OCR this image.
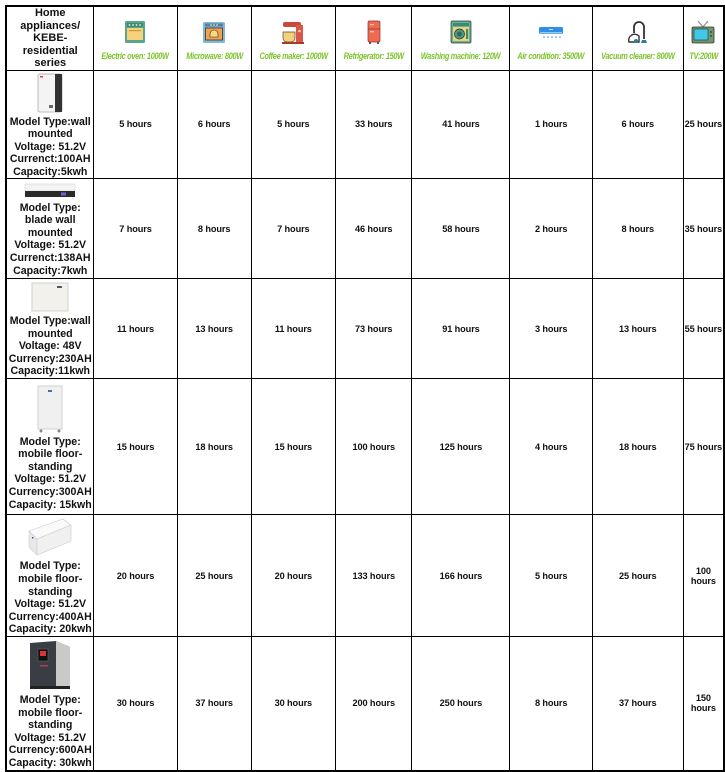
Home
appliances/
KEBE-residential
series	Electric oven: 1000W	Microwave: 800W	Coffee maker: 1000W	Refrigerator: 150W	Washing machine: 120W	Air condition: 3500W	Vacuum cleaner: 800W	TV:200W

Model Type:wall
mounted
Voltage: 51.2V
Currenct:100AH
Capacity:5kwh	5 hours	6 hours	5 hours	33 hours	41 hours	1 hours	6 hours	25 hours

Model Type:
blade wall
mounted
Voltage: 51.2V
Currenct:138AH
Capacity:7kwh
	7 hours	8 hours	7 hours	46 hours	58 hours	2 hours	8 hours	35 hours

Model Type:wall
mounted
Voltage: 48V
Currency:230AH
Capacity:11kwh	11 hours	13 hours	11 hours	73 hours	91 hours	3 hours	13 hours	55 hours

Model Type:
mobile floor-
standing
Voltage: 51.2V
Currency:300AH
Capacity: 15kwh
	15 hours	18 hours	15 hours	100 hours	125 hours	4 hours	18 hours	75 hours

Model Type:
mobile floor-
standing
Voltage: 51.2V
Currency:400AH
Capacity: 20kwh
	20 hours	25 hours	20 hours	133 hours	166 hours	5 hours	25 hours	100 hours

Model Type:
mobile floor-
standing
Voltage: 51.2V
Currency:600AH
Capacity: 30kwh
	30 hours	37 hours	30 hours	200 hours	250 hours	8 hours	37 hours	150 hours
